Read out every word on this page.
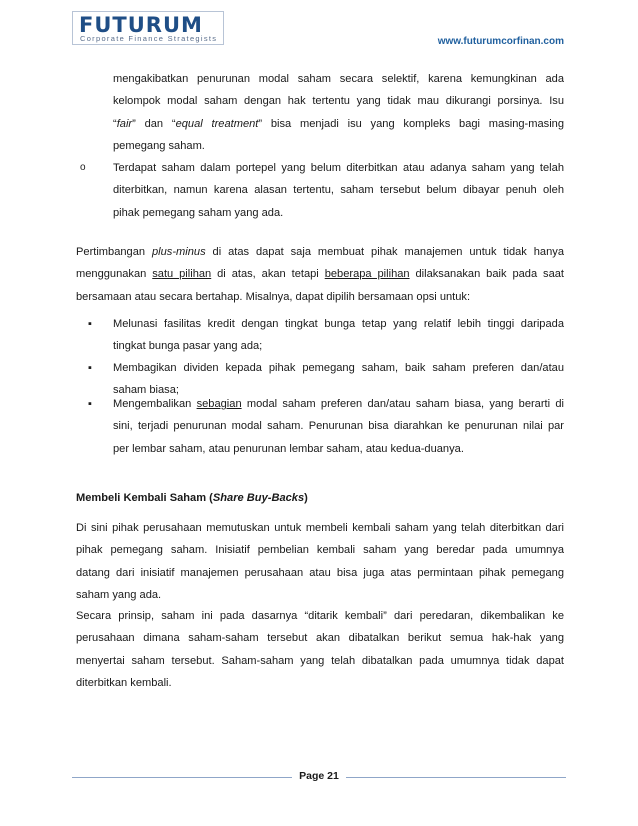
FUTURUM
Corporate Finance Strategists	www.futurumcorfinan.com
mengakibatkan penurunan modal saham secara selektif, karena kemungkinan ada
kelompok modal saham dengan hak tertentu yang tidak mau dikurangi porsinya. Isu
“fair” dan “equal treatment” bisa menjadi isu yang kompleks bagi masing-masing
pemegang saham.
o Terdapat saham dalam portepel yang belum diterbitkan atau adanya saham yang telah
diterbitkan, namun karena alasan tertentu, saham tersebut belum dibayar penuh oleh
pihak pemegang saham yang ada.
Pertimbangan plus-minus di atas dapat saja membuat pihak manajemen untuk tidak hanya
menggunakan satu pilihan di atas, akan tetapi beberapa pilihan dilaksanakan baik pada saat
bersamaan atau secara bertahap. Misalnya, dapat dipilih bersamaan opsi untuk:
▪ Melunasi fasilitas kredit dengan tingkat bunga tetap yang relatif lebih tinggi daripada
tingkat bunga pasar yang ada;
▪ Membagikan dividen kepada pihak pemegang saham, baik saham preferen dan/atau
saham biasa;
▪ Mengembalikan sebagian modal saham preferen dan/atau saham biasa, yang berarti di
sini, terjadi penurunan modal saham. Penurunan bisa diarahkan ke penurunan nilai par
per lembar saham, atau penurunan lembar saham, atau kedua-duanya.
Membeli Kembali Saham (Share Buy-Backs)
Di sini pihak perusahaan memutuskan untuk membeli kembali saham yang telah diterbitkan dari
pihak pemegang saham. Inisiatif pembelian kembali saham yang beredar pada umumnya
datang dari inisiatif manajemen perusahaan atau bisa juga atas permintaan pihak pemegang
saham yang ada.
Secara prinsip, saham ini pada dasarnya “ditarik kembali” dari peredaran, dikembalikan ke
perusahaan dimana saham-saham tersebut akan dibatalkan berikut semua hak-hak yang
menyertai saham tersebut. Saham-saham yang telah dibatalkan pada umumnya tidak dapat
diterbitkan kembali.
Page 21
